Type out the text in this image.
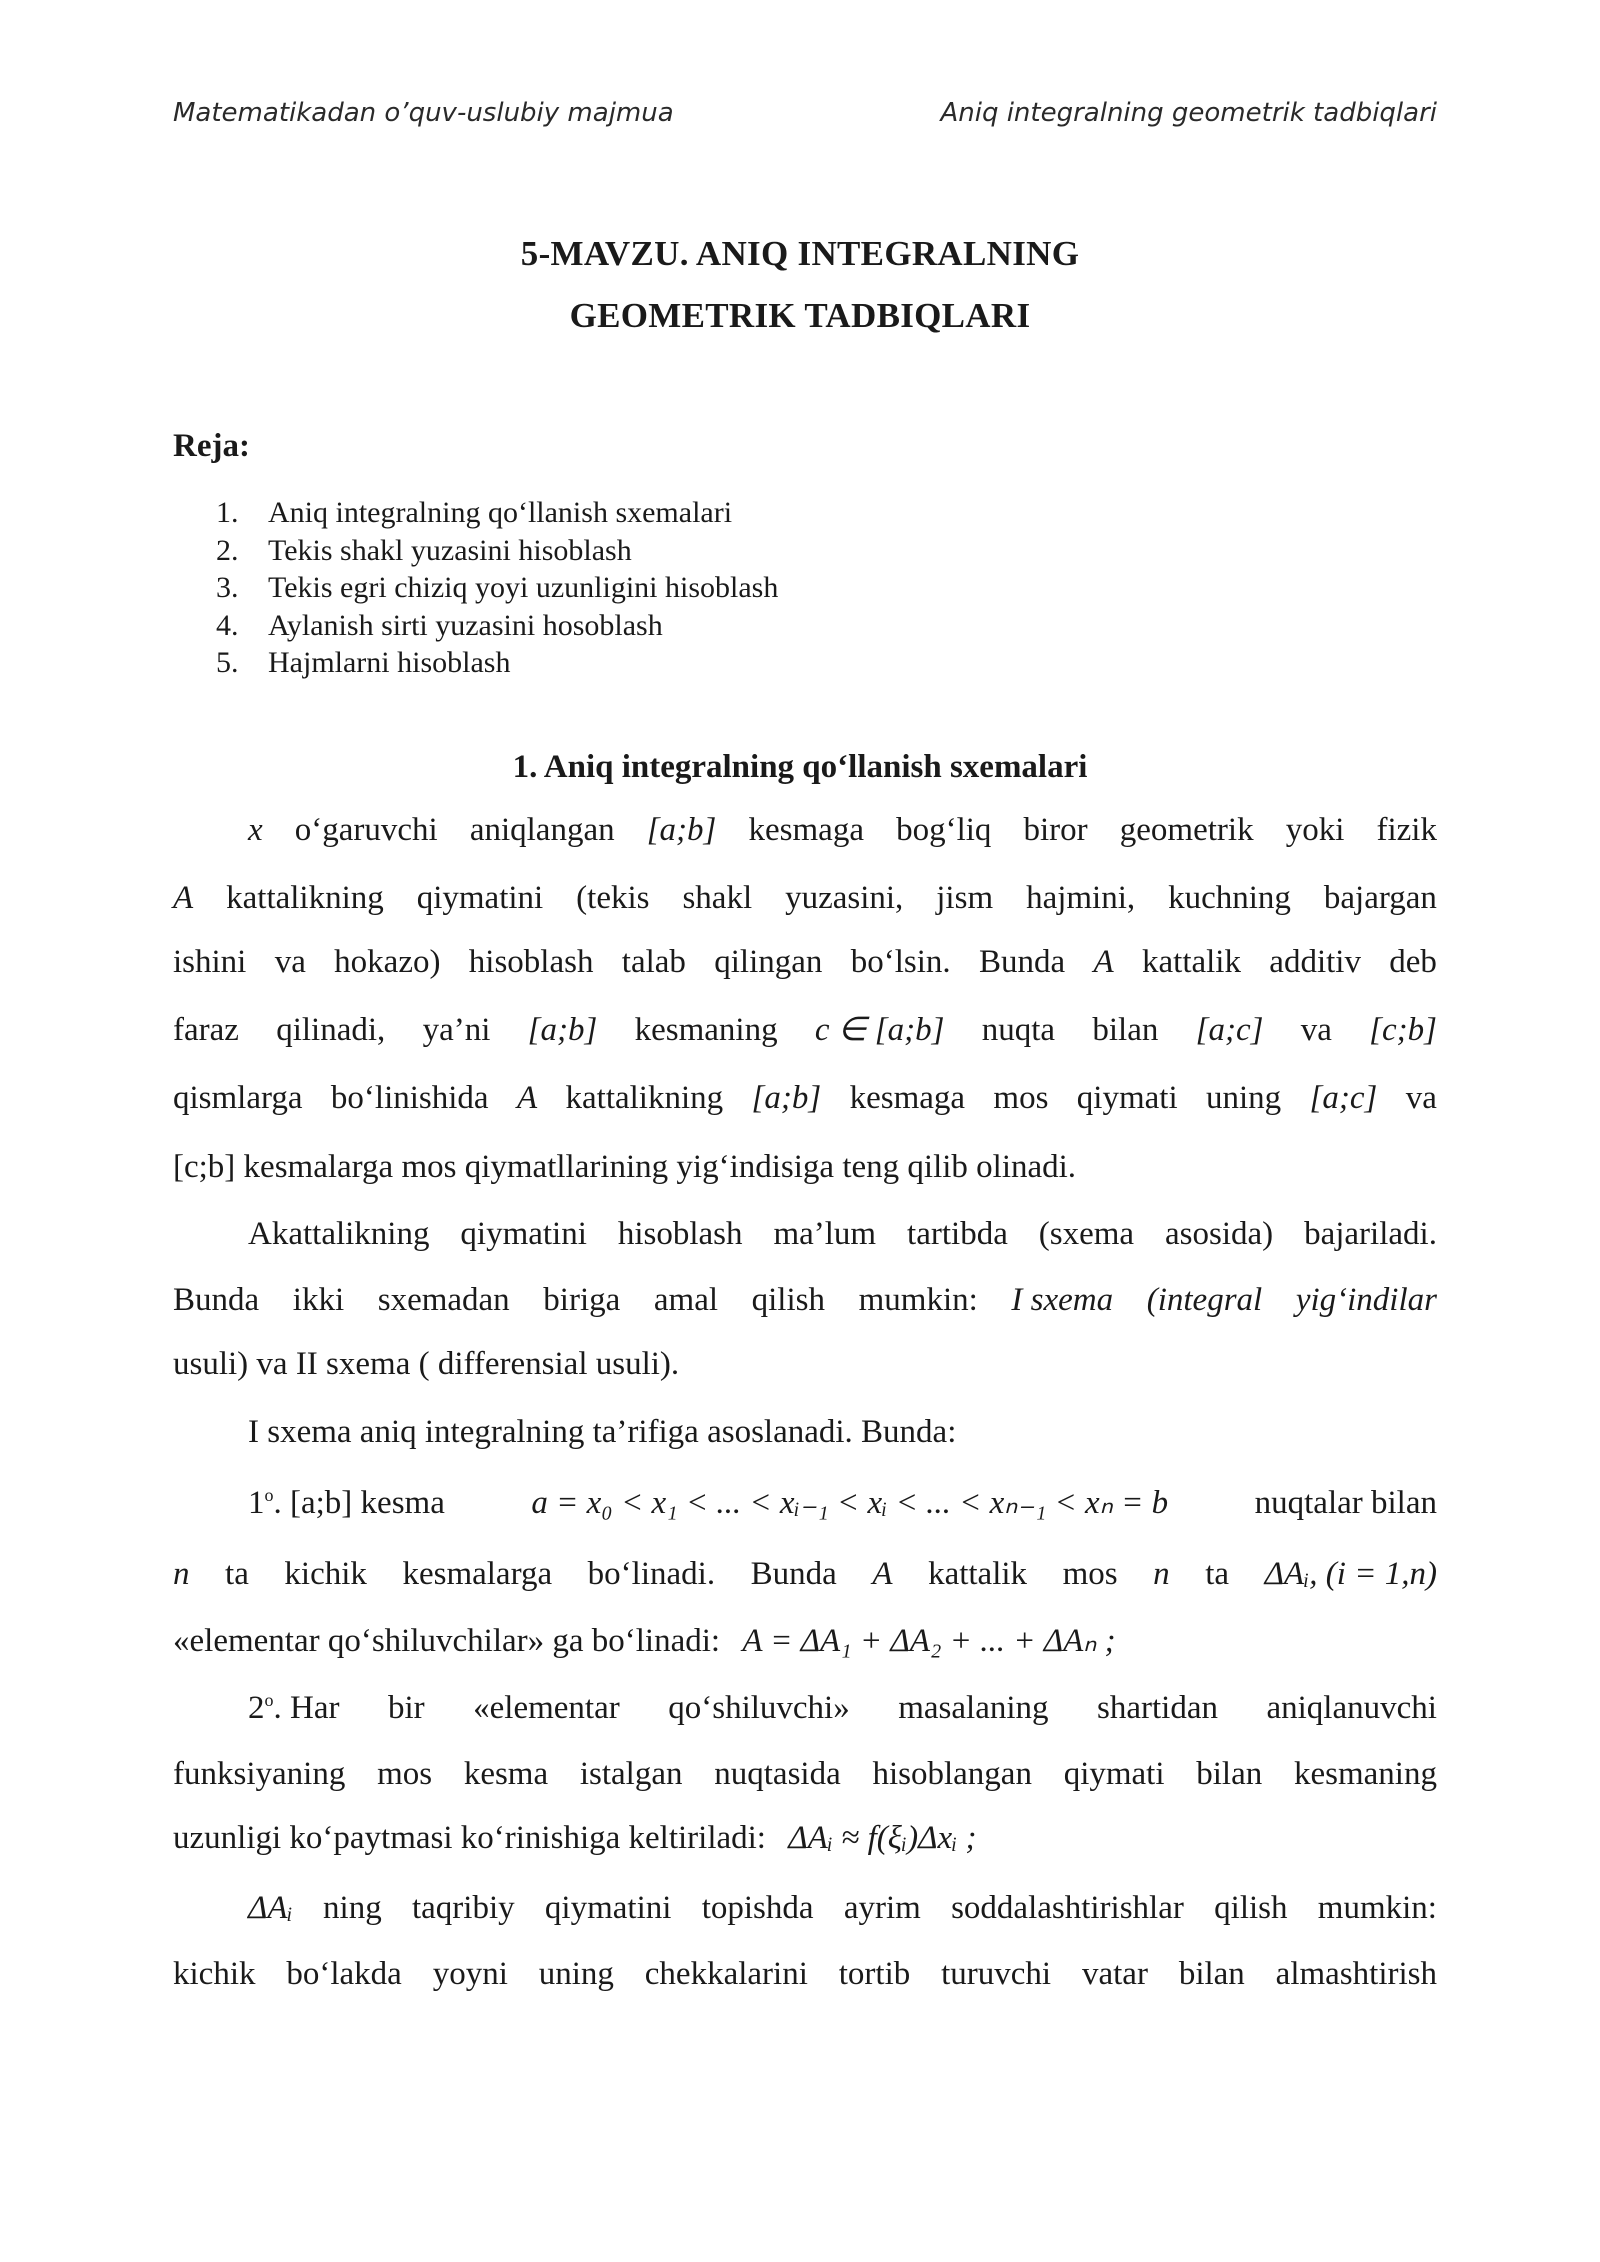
Matematikadan o’quv-uslubiy majmua	Aniq integralning geometrik tadbiqlari
5-MAVZU. ANIQ INTEGRALNING
GEOMETRIK TADBIQLARI
Reja:
1. Aniq integralning qo‘llanish sxemalari
2. Tekis shakl yuzasini hisoblash
3. Tekis egri chiziq yoyi uzunligini hisoblash
4. Aylanish sirti yuzasini hosoblash
5. Hajmlarni hisoblash
1. Aniq integralning qo‘llanish sxemalari
x o‘garuvchi aniqlangan [a;b] kesmaga bog‘liq biror geometrik yoki fizik
A kattalikning qiymatini (tekis shakl yuzasini, jism hajmini, kuchning bajargan
ishini va hokazo) hisoblash talab qilingan bo‘lsin. Bunda A kattalik additiv deb
faraz qilinadi, ya’ni [a;b] kesmaning c ∈ [a;b] nuqta bilan [a;c] va [c;b]
qismlarga bo‘linishida A kattalikning [a;b] kesmaga mos qiymati uning [a;c] va
[c;b] kesmalarga mos qiymatllarining yig‘indisiga teng qilib olinadi.
Akattalikning qiymatini hisoblash ma’lum tartibda (sxema asosida) bajariladi.
Bunda ikki sxemadan biriga amal qilish mumkin: I sxema (integral yig‘indilar
usuli) va II sxema ( differensial usuli).
I sxema aniq integralning ta’rifiga asoslanadi. Bunda:
1$^o$. [a;b] kesma	a = x₀ < x₁ < ... < xᵢ₋₁ < xᵢ < ... < xₙ₋₁ < xₙ = b	nuqtalar bilan
n ta kichik kesmalarga bo‘linadi. Bunda A kattalik mos n ta ΔAᵢ, (i = 1,n)
«elementar qo‘shiluvchilar» ga bo‘linadi: A = ΔA₁ + ΔA₂ + ... + ΔAₙ ;
2$^o$. Har bir «elementar qo‘shiluvchi» masalaning shartidan aniqlanuvchi
funksiyaning mos kesma istalgan nuqtasida hisoblangan qiymati bilan kesmaning
uzunligi ko‘paytmasi ko‘rinishiga keltiriladi: ΔAᵢ ≈ f(ξᵢ)Δxᵢ ;
ΔAᵢ ning taqribiy qiymatini topishda ayrim soddalashtirishlar qilish mumkin:
kichik bo‘lakda yoyni uning chekkalarini tortib turuvchi vatar bilan almashtirish
